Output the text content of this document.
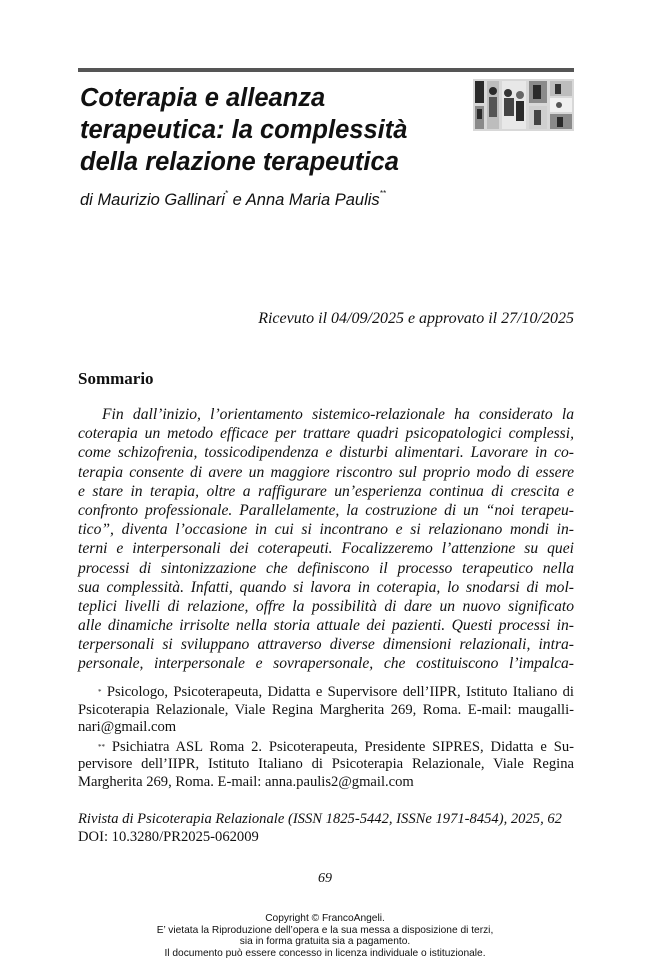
Coterapia e alleanza
terapeutica: la complessità
della relazione terapeutica
di Maurizio Gallinari* e Anna Maria Paulis**
Ricevuto il 04/09/2025 e approvato il 27/10/2025
Sommario
Fin dall’inizio, l’orientamento sistemico-relazionale ha considerato la
coterapia un metodo efficace per trattare quadri psicopatologici complessi,
come schizofrenia, tossicodipendenza e disturbi alimentari. Lavorare in co-
terapia consente di avere un maggiore riscontro sul proprio modo di essere
e stare in terapia, oltre a raffigurare un’esperienza continua di crescita e
confronto professionale. Parallelamente, la costruzione di un “noi terapeu-
tico”, diventa l’occasione in cui si incontrano e si relazionano mondi in-
terni e interpersonali dei coterapeuti. Focalizzeremo l’attenzione su quei
processi di sintonizzazione che definiscono il processo terapeutico nella
sua complessità. Infatti, quando si lavora in coterapia, lo snodarsi di mol-
teplici livelli di relazione, offre la possibilità di dare un nuovo significato
alle dinamiche irrisolte nella storia attuale dei pazienti. Questi processi in-
terpersonali si sviluppano attraverso diverse dimensioni relazionali, intra-
personale, interpersonale e sovrapersonale, che costituiscono l’impalca-
* Psicologo, Psicoterapeuta, Didatta e Supervisore dell’IIPR, Istituto Italiano di
Psicoterapia Relazionale, Viale Regina Margherita 269, Roma. E-mail: maugalli-
nari@gmail.com
** Psichiatra ASL Roma 2. Psicoterapeuta, Presidente SIPRES, Didatta e Su-
pervisore dell’IIPR, Istituto Italiano di Psicoterapia Relazionale, Viale Regina
Margherita 269, Roma. E-mail: anna.paulis2@gmail.com
Rivista di Psicoterapia Relazionale (ISSN 1825-5442, ISSNe 1971-8454), 2025, 62
DOI: 10.3280/PR2025-062009
69
Copyright © FrancoAngeli.
E’ vietata la Riproduzione dell’opera e la sua messa a disposizione di terzi,
sia in forma gratuita sia a pagamento.
Il documento può essere concesso in licenza individuale o istituzionale.
